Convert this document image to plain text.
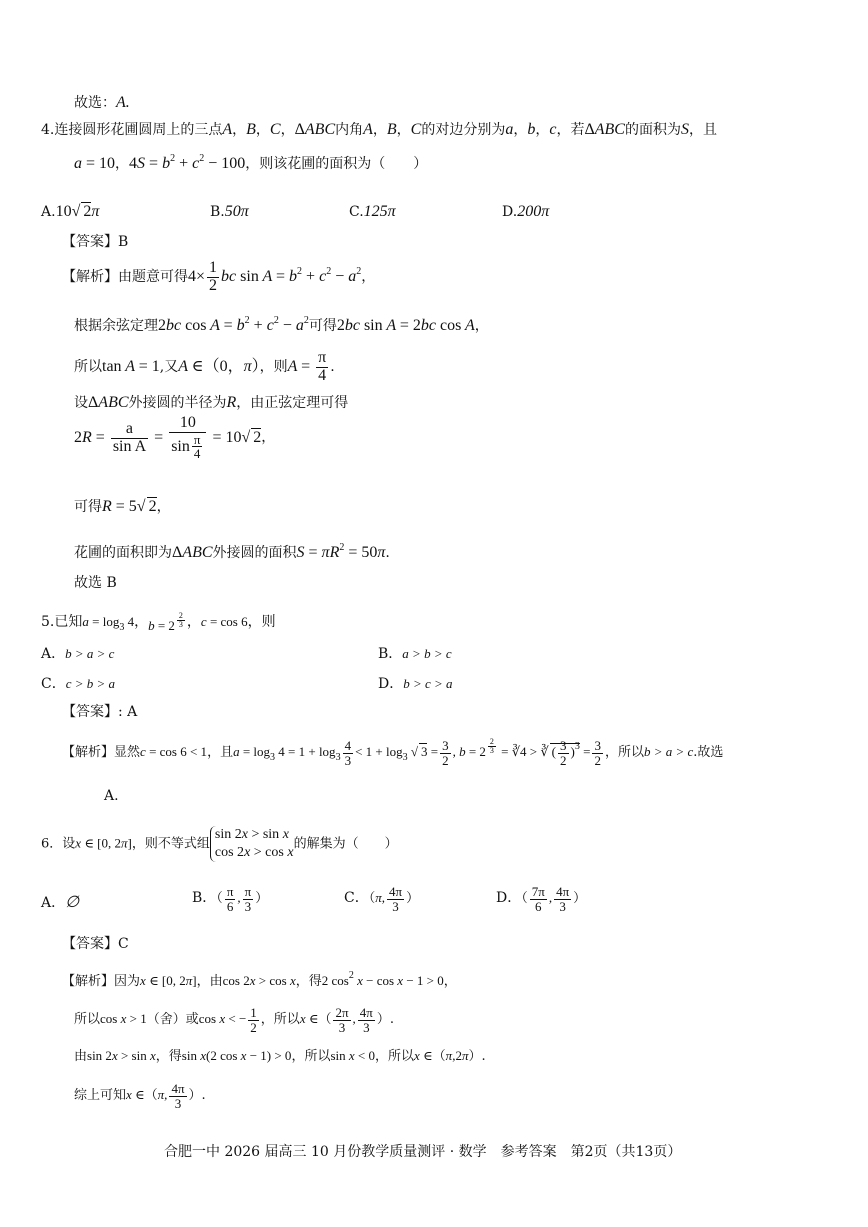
故选：A.
4.连接圆形花圃圆周上的三点A，B，C，ΔABC内角A，B，C的对边分别为a，b，c，若ΔABC的面积为S，且
a = 10，$4S = b^2 + c^2 - 100$，则该花圃的面积为（　　）
A.10√ 2π	B.50π	C.125π	D.200π
【答案】B
【解析】由题意可得$4\times \frac{1}{2}$ bc $\sin A = b^2 + c^2 - a^2$，
根据余弦定理2bc $\cos A = b^2 + c^2 - a^2$可得2bc sin A = 2bc cos A，
所以tan A = 1,又A ∈（0，π），则$A = \frac{\pi}{4}$ .
设ΔABC外接圆的半径为R，由正弦定理可得
$2R = \frac{a}{\text{sin A}} = \frac{10}{\sin \frac{\pi}{4}} = 10√$ 2，
可得R = 5√ 2，
花圃的面积即为ΔABC外接圆的面积$S = \pi R^2 = 50\pi$.
故选 B
5.已知$a = \log_3 4$，b = 2 $^{\frac{2}{3}}$ ，c = cos 6，则
A．b > a > c	B．a > b > c
C．c > b > a	D．b > c > a
【答案】: A
【解析】显然c = cos 6 < 1，且$a = \log_3 4 = 1 + \log_3 \frac{4}{3} < 1 + \log_3$ √ $3 = \frac{3}{2}$ , b = 2 $^{\frac{2}{3}}$ = ∛4 > ∛ ( $\frac{3}{2} )^3 = \frac{3}{2}$ ，所以b > a > c.故选
A.
6．设x ∈ [0, 2π]，则不等式组
sin 2x > sin x
cos 2x > cos x
的解集为（　　）
A．∅	B．（ $\frac{\pi}{6}$ , $\frac{\pi}{3}$ ）	C．（π, $\frac{4\pi}{3}$ ）	D．（ $\frac{7\pi}{6}$ , $\frac{4\pi}{3}$ ）
【答案】C
【解析】因为x ∈ [0, 2π]，由cos 2x > cos x，得2 $\cos^2 x - \cos x - 1 > 0$，
所以cos x > 1（舍）或cos x < − $\frac{1}{2}$ ，所以x ∈（ $\frac{2\pi}{3}$ , $\frac{4\pi}{3}$ ）.
由sin 2x > sin x，得sin x(2 cos x − 1) > 0，所以sin x < 0，所以x ∈（π,2π）.
综上可知x ∈（π, $\frac{4\pi}{3}$ ）.
合肥一中 2026 届高三 10 月份教学质量测评 · 数学　参考答案　第2页（共13页）
